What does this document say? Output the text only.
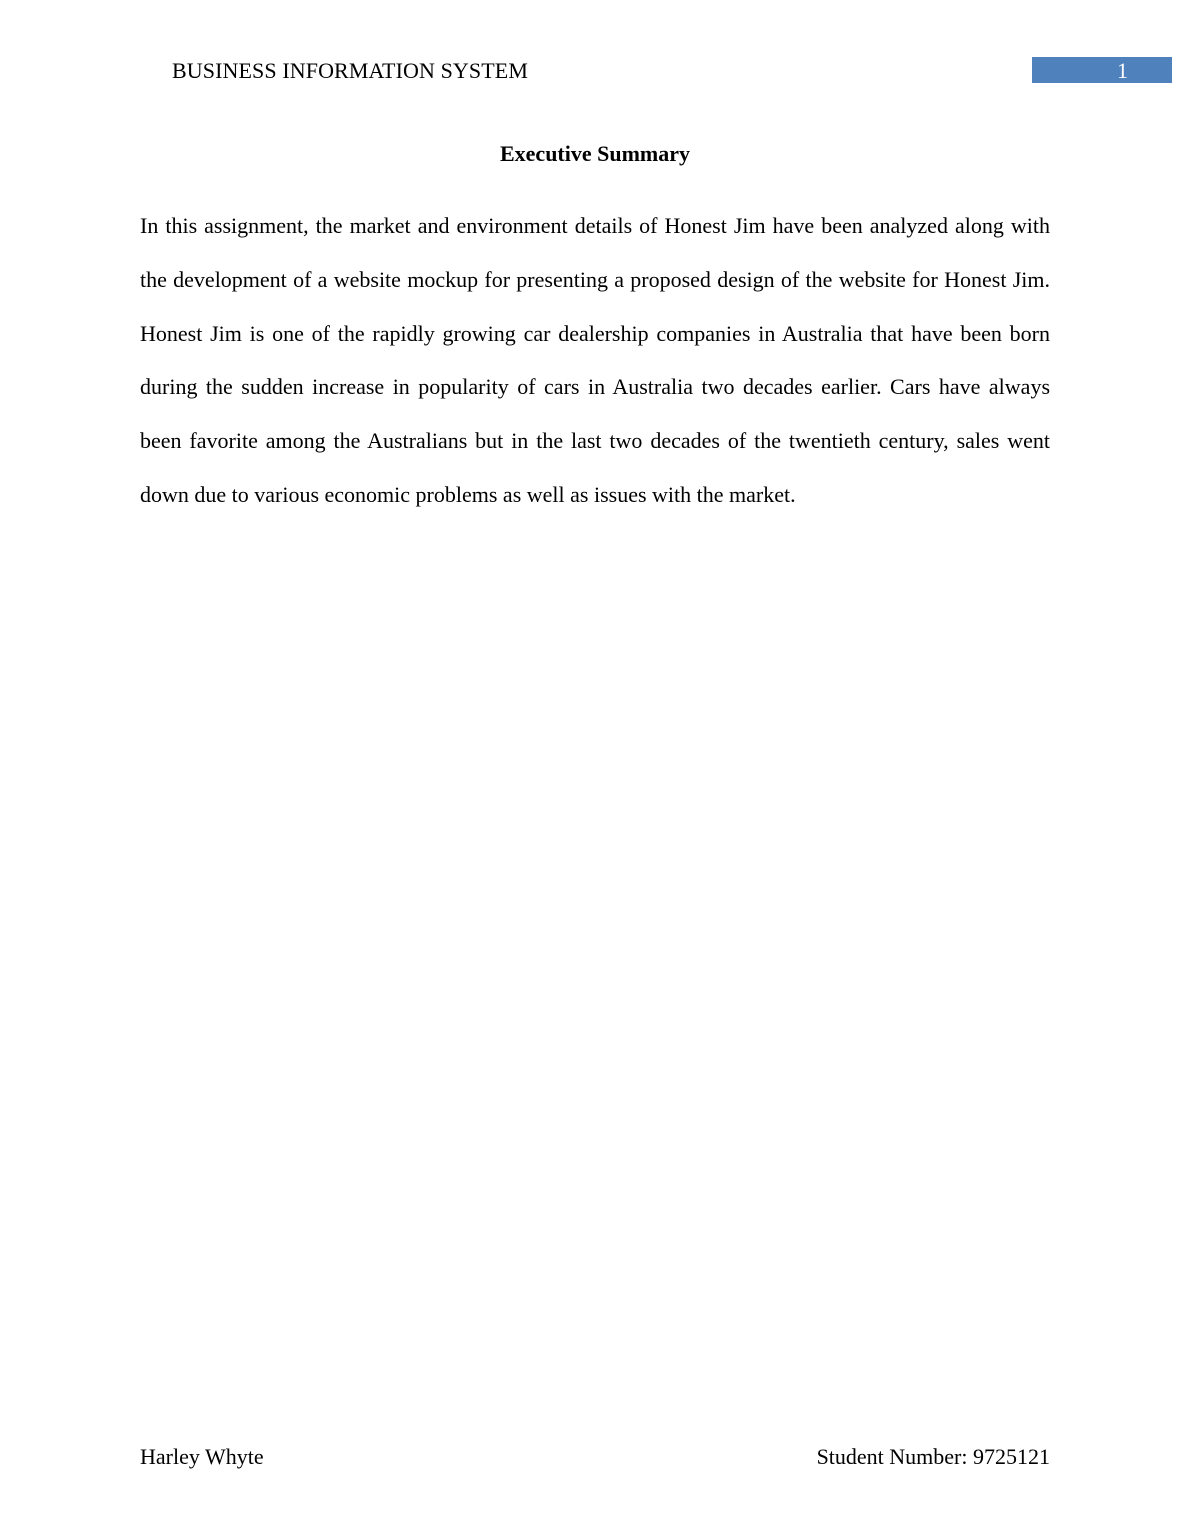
BUSINESS INFORMATION SYSTEM	1
Executive Summary

In this assignment, the market and environment details of Honest Jim have been analyzed along with the development of a website mockup for presenting a proposed design of the website for Honest Jim. Honest Jim is one of the rapidly growing car dealership companies in Australia that have been born during the sudden increase in popularity of cars in Australia two decades earlier. Cars have always been favorite among the Australians but in the last two decades of the twentieth century, sales went down due to various economic problems as well as issues with the market.

Harley Whyte	Student Number: 9725121
